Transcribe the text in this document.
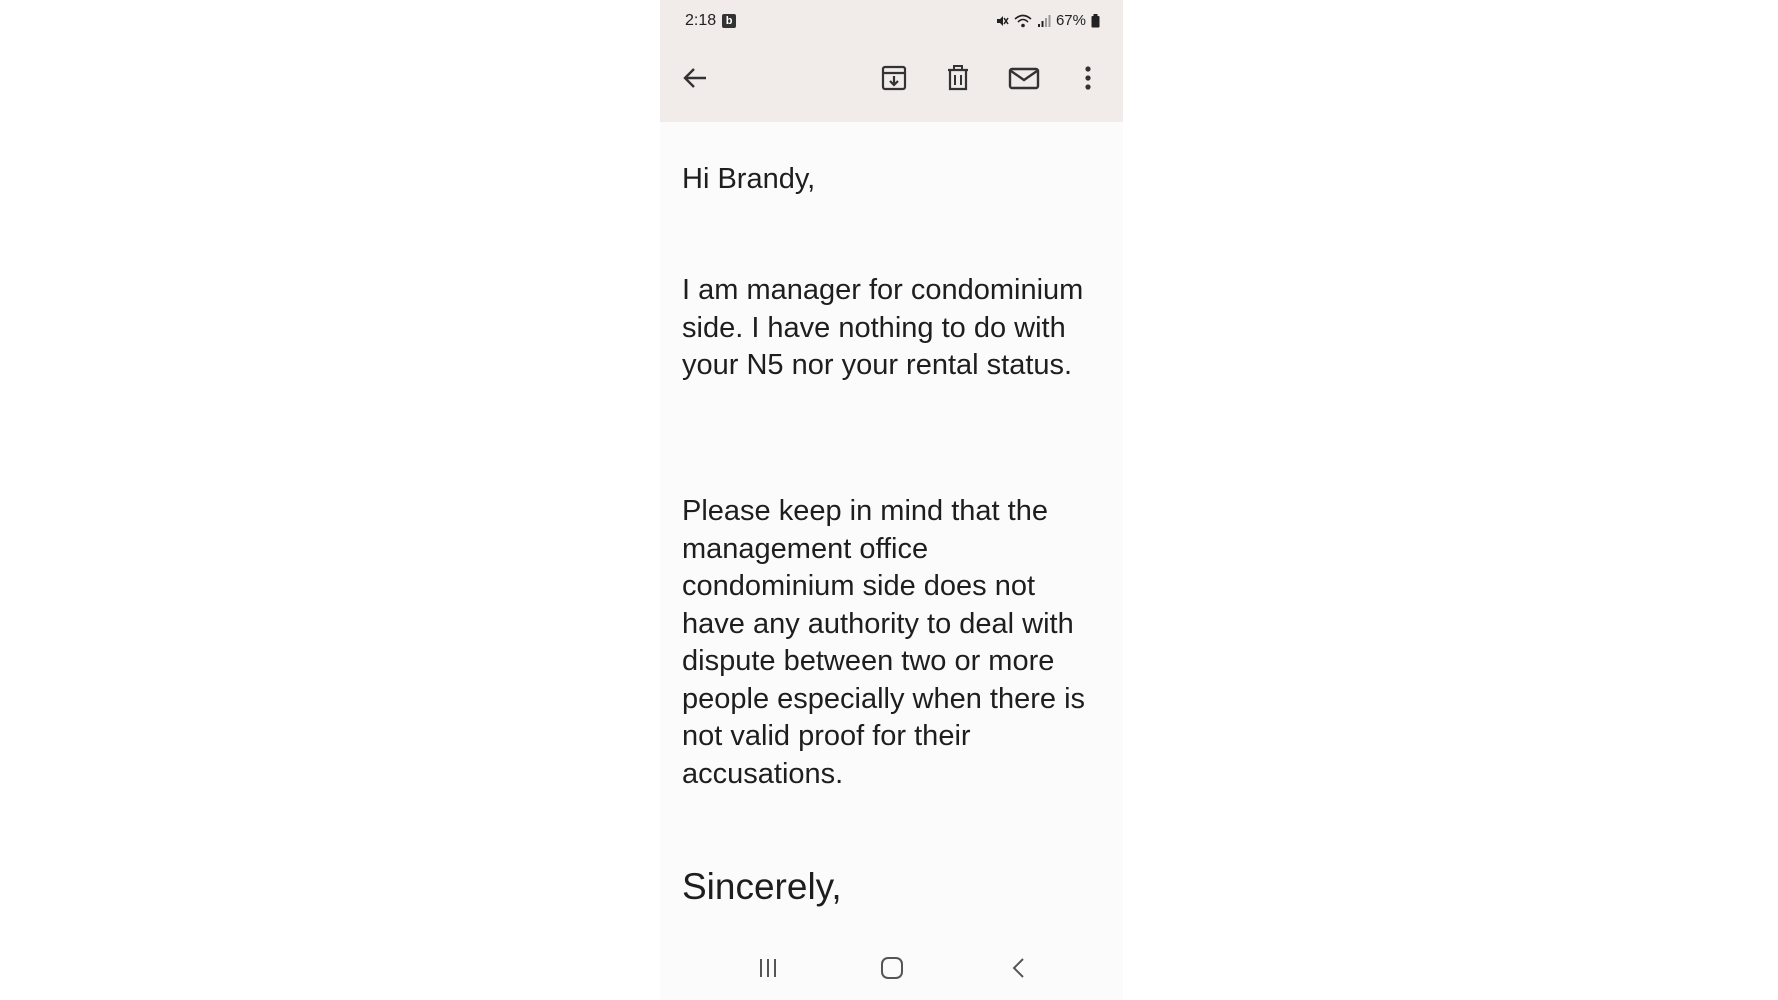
2:18 b	67%
Hi Brandy,

I am manager for condominium side. I have nothing to do with your N5 nor your rental status.

Please keep in mind that the management office condominium side does not have any authority to deal with dispute between two or more people especially when there is not valid proof for their accusations.

Sincerely,
